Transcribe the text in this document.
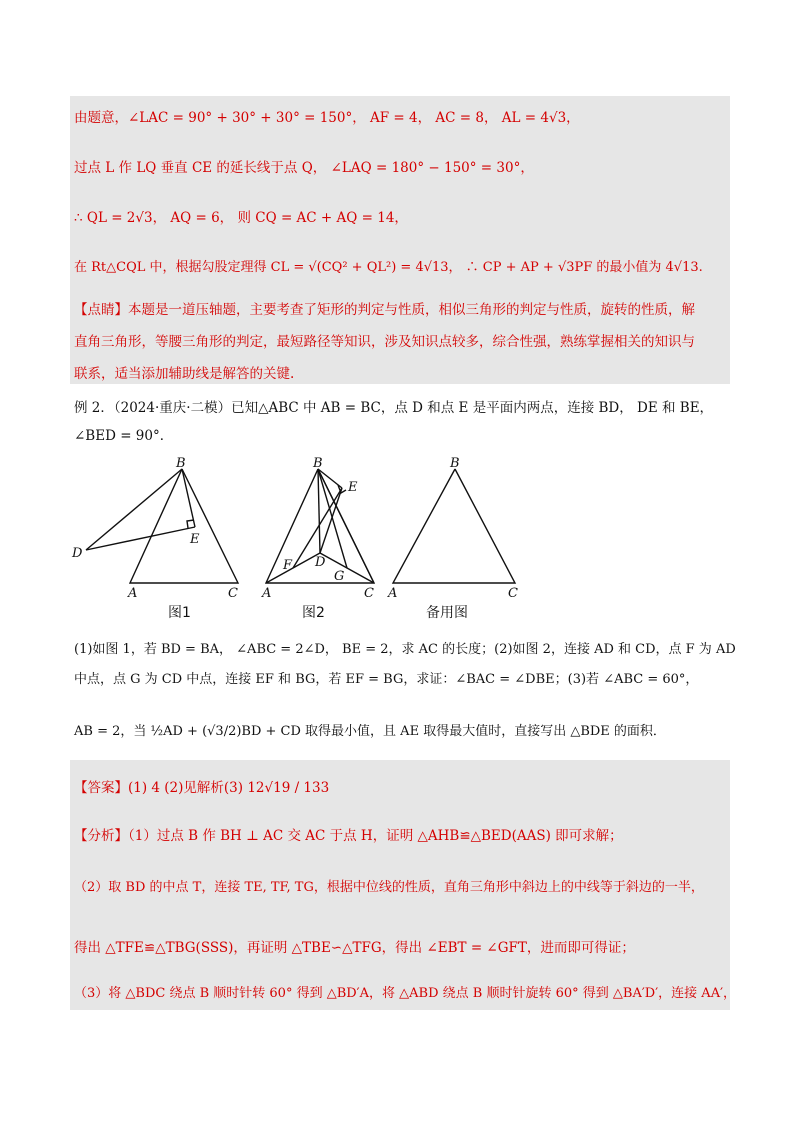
由题意，∠LAC = 90° + 30° + 30° = 150°， AF = 4， AC = 8， AL = 4√3，
过点 L 作 LQ 垂直 CE 的延长线于点 Q， ∠LAQ = 180° − 150° = 30°，
∴ QL = 2√3， AQ = 6， 则 CQ = AC + AQ = 14，
在 Rt△CQL 中，根据勾股定理得 CL = √(CQ² + QL²) = 4√13， ∴ CP + AP + √3PF 的最小值为 4√13.
【点睛】本题是一道压轴题，主要考查了矩形的判定与性质，相似三角形的判定与性质，旋转的性质，解
直角三角形，等腰三角形的判定，最短路径等知识，涉及知识点较多，综合性强，熟练掌握相关的知识与
联系，适当添加辅助线是解答的关键.
例 2．（2024·重庆·二模）已知△ABC 中 AB = BC，点 D 和点 E 是平面内两点，连接 BD， DE 和 BE，
∠BED = 90°．
B
E
D
A	C
B
E
F D
G
A	C
B
A	C
图1	图2	备用图
(1)如图 1，若 BD = BA， ∠ABC = 2∠D， BE = 2，求 AC 的长度；(2)如图 2，连接 AD 和 CD，点 F 为 AD
中点，点 G 为 CD 中点，连接 EF 和 BG，若 EF = BG，求证：∠BAC = ∠DBE；(3)若 ∠ABC = 60°，
AB = 2，当 ½AD + (√3/2)BD + CD 取得最小值，且 AE 取得最大值时，直接写出 △BDE 的面积．
【答案】(1) 4 (2)见解析(3) 12√19 / 133
【分析】（1）过点 B 作 BH ⊥ AC 交 AC 于点 H，证明 △AHB≌△BED(AAS) 即可求解；
（2）取 BD 的中点 T，连接 TE, TF, TG，根据中位线的性质，直角三角形中斜边上的中线等于斜边的一半，
得出 △TFE≌△TBG(SSS)，再证明 △TBE∽△TFG，得出 ∠EBT = ∠GFT，进而即可得证；
（3）将 △BDC 绕点 B 顺时针转 60° 得到 △BD′A，将 △ABD 绕点 B 顺时针旋转 60° 得到 △BA′D′，连接 AA′，
